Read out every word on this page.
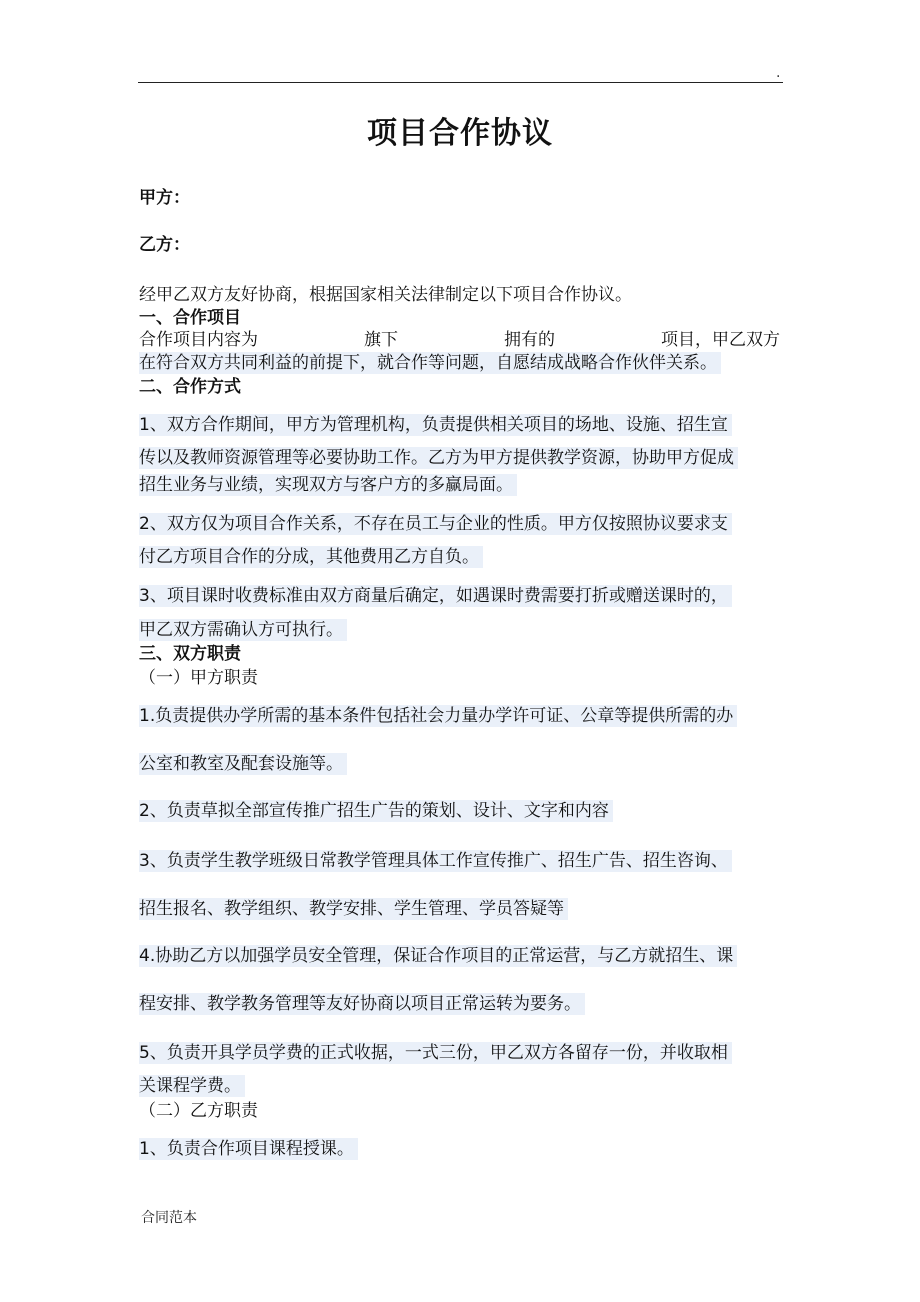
.
项目合作协议
甲方：
乙方：
经甲乙双方友好协商，根据国家相关法律制定以下项目合作协议。
一、合作项目
合作项目内容为	旗下	拥有的	项目，甲乙双方
在符合双方共同利益的前提下，就合作等问题，自愿结成战略合作伙伴关系。
二、合作方式
1、双方合作期间，甲方为管理机构，负责提供相关项目的场地、设施、招生宣
传以及教师资源管理等必要协助工作。乙方为甲方提供教学资源，协助甲方促成
招生业务与业绩，实现双方与客户方的多赢局面。
2、双方仅为项目合作关系，不存在员工与企业的性质。甲方仅按照协议要求支
付乙方项目合作的分成，其他费用乙方自负。
3、项目课时收费标准由双方商量后确定，如遇课时费需要打折或赠送课时的，
甲乙双方需确认方可执行。
三、双方职责
（一）甲方职责
1.负责提供办学所需的基本条件包括社会力量办学许可证、公章等提供所需的办
公室和教室及配套设施等。
2、负责草拟全部宣传推广招生广告的策划、设计、文字和内容
3、负责学生教学班级日常教学管理具体工作宣传推广、招生广告、招生咨询、
招生报名、教学组织、教学安排、学生管理、学员答疑等
4.协助乙方以加强学员安全管理，保证合作项目的正常运营，与乙方就招生、课
程安排、教学教务管理等友好协商以项目正常运转为要务。
5、负责开具学员学费的正式收据，一式三份，甲乙双方各留存一份，并收取相
关课程学费。
（二）乙方职责
1、负责合作项目课程授课。
合同范本
